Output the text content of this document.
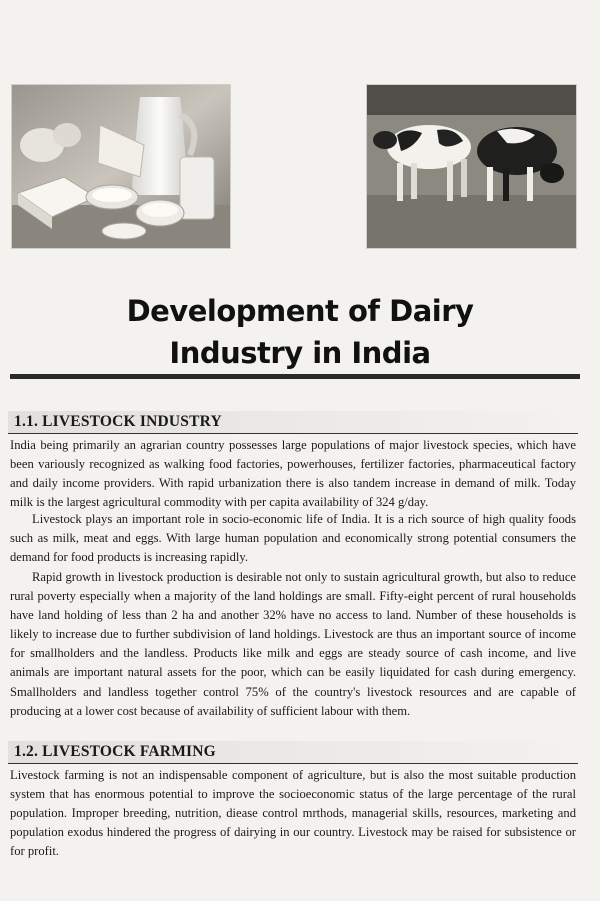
Development of Dairy
Industry in India
1.1. LIVESTOCK INDUSTRY

India being primarily an agrarian country possesses large populations of major livestock species, which have been variously recognized as walking food factories, powerhouses, fertilizer factories, pharmaceutical factory and daily income providers. With rapid urbanization there is also tandem increase in demand of milk. Today milk is the largest agricultural commodity with per capita availability of 324 g/day.

Livestock plays an important role in socio-economic life of India. It is a rich source of high quality foods such as milk, meat and eggs. With large human population and economically strong potential consumers the demand for food products is increasing rapidly.

Rapid growth in livestock production is desirable not only to sustain agricultural growth, but also to reduce rural poverty especially when a majority of the land holdings are small. Fifty-eight percent of rural households have land holding of less than 2 ha and another 32% have no access to land. Number of these households is likely to increase due to further subdivision of land holdings. Livestock are thus an important source of income for smallholders and the landless. Products like milk and eggs are steady source of cash income, and live animals are important natural assets for the poor, which can be easily liquidated for cash during emergency. Smallholders and landless together control 75% of the country's livestock resources and are capable of producing at a lower cost because of availability of sufficient labour with them.

1.2. LIVESTOCK FARMING

Livestock farming is not an indispensable component of agriculture, but is also the most suitable production system that has enormous potential to improve the socioeconomic status of the large percentage of the rural population. Improper breeding, nutrition, diease control mrthods, managerial skills, resources, marketing and population exodus hindered the progress of dairying in our country. Livestock may be raised for subsistence or for profit.
